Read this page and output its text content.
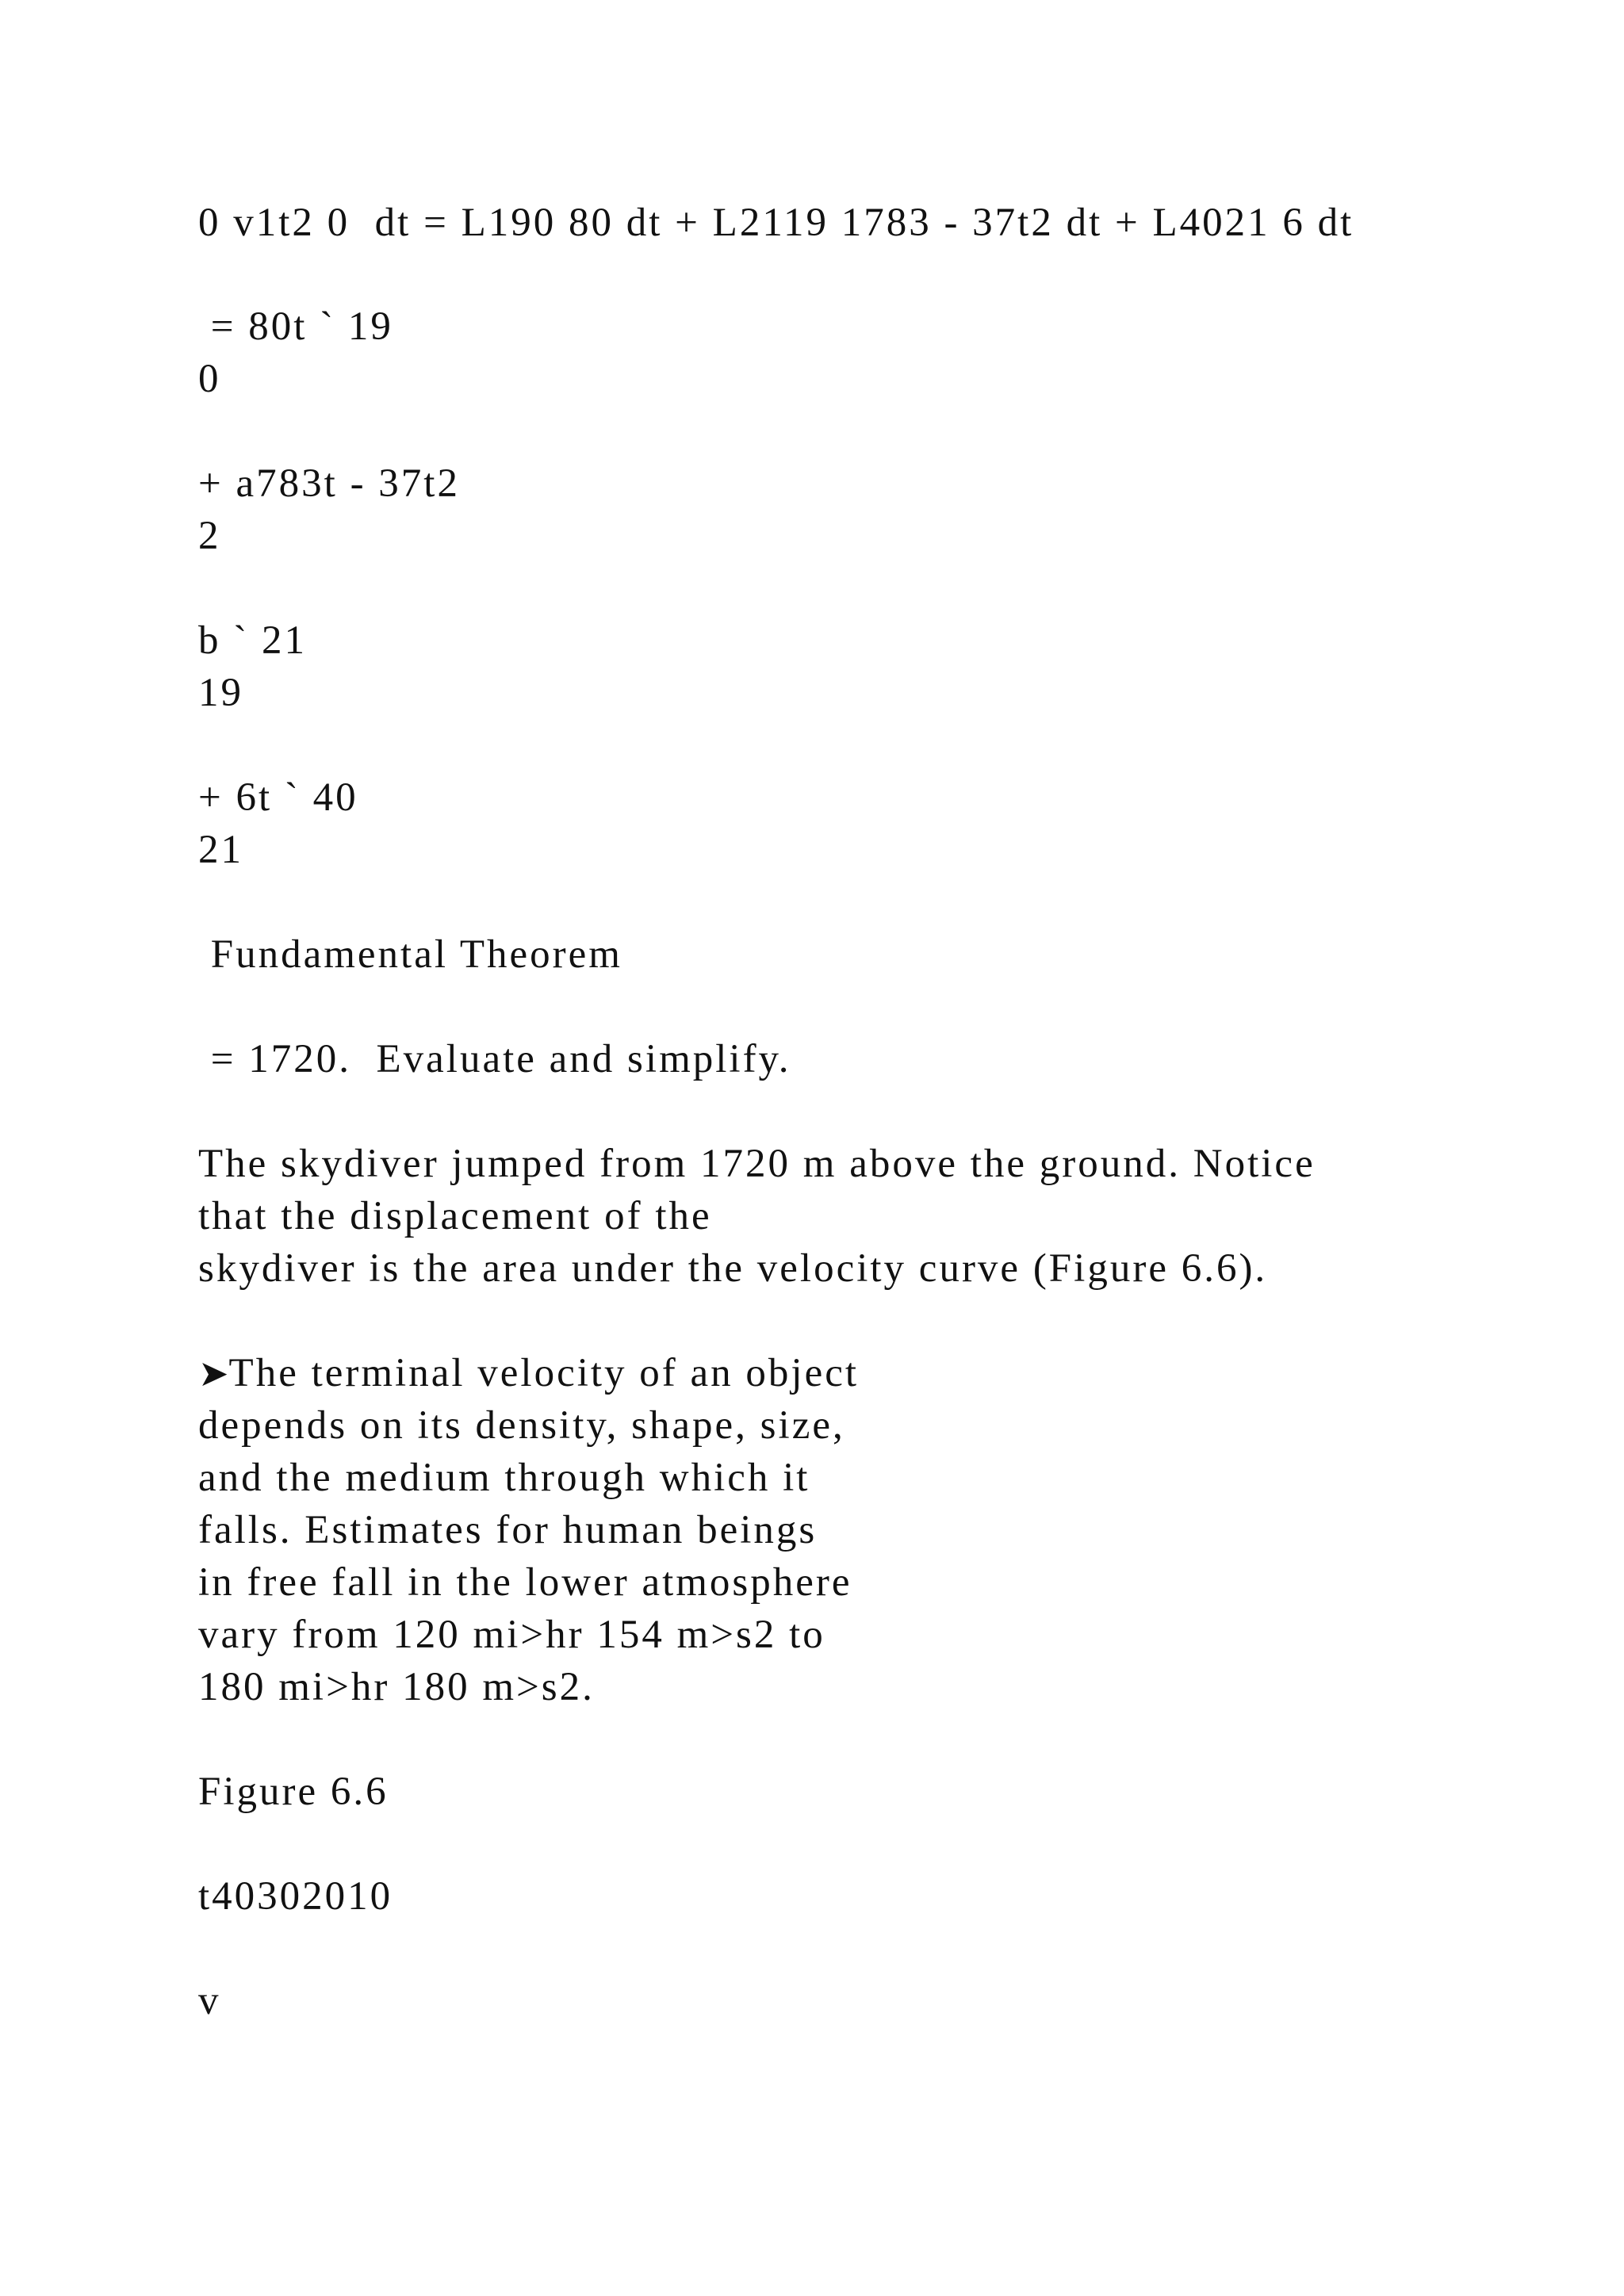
0 v1t2 0  dt = L190 80 dt + L2119 1783 - 37t2 dt + L4021 6 dt
= 80t ` 19
0
+ a783t - 37t2
2
b ` 21
19
+ 6t ` 40
21
Fundamental Theorem
= 1720.  Evaluate and simplify.
The skydiver jumped from 1720 m above the ground. Notice
that the displacement of the
skydiver is the area under the velocity curve (Figure 6.6).
➤The terminal velocity of an object
depends on its density, shape, size,
and the medium through which it
falls. Estimates for human beings
in free fall in the lower atmosphere
vary from 120 mi>hr 154 m>s2 to
180 mi>hr 180 m>s2.
Figure 6.6
t40302010
v
